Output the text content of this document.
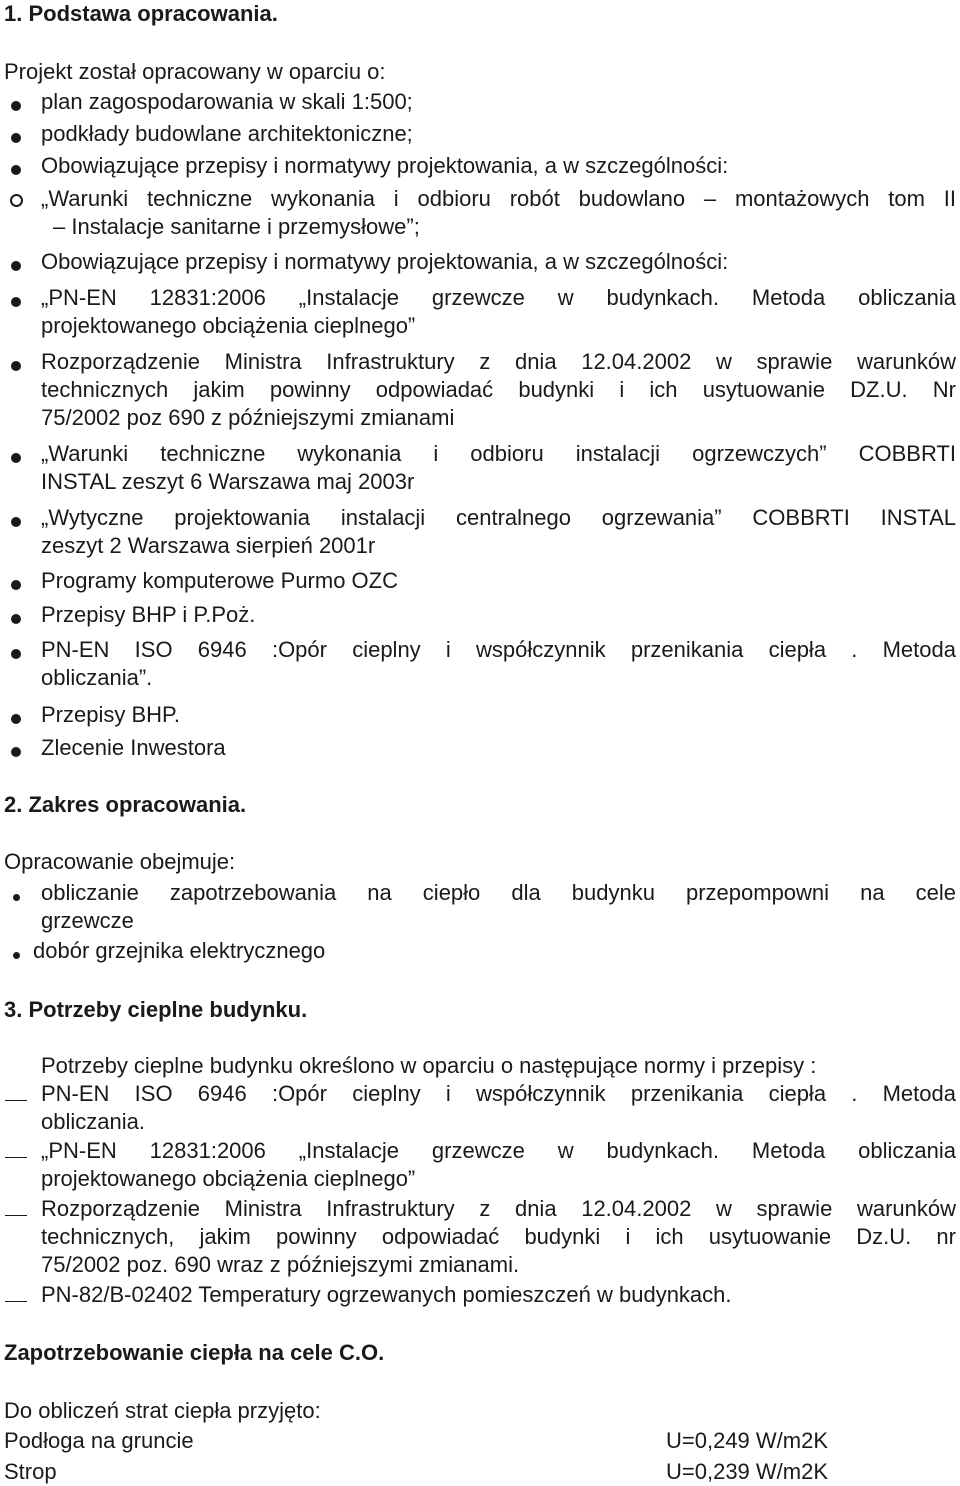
1. Podstawa opracowania.
Projekt został opracowany w oparciu o:
plan zagospodarowania w skali 1:500;
podkłady budowlane architektoniczne;
Obowiązujące przepisy i normatywy projektowania, a w szczególności:
„Warunki techniczne wykonania i odbioru robót budowlano – montażowych tom II
– Instalacje sanitarne i przemysłowe”;
Obowiązujące przepisy i normatywy projektowania, a w szczególności:
„PN-EN 12831:2006 „Instalacje grzewcze w budynkach. Metoda obliczania
projektowanego obciążenia cieplnego”
Rozporządzenie Ministra Infrastruktury z dnia 12.04.2002 w sprawie warunków
technicznych jakim powinny odpowiadać budynki i ich usytuowanie DZ.U. Nr
75/2002 poz 690 z późniejszymi zmianami
„Warunki techniczne wykonania i odbioru instalacji ogrzewczych” COBBRTI
INSTAL zeszyt 6 Warszawa maj 2003r
„Wytyczne projektowania instalacji centralnego ogrzewania” COBBRTI INSTAL
zeszyt 2 Warszawa sierpień 2001r
Programy komputerowe Purmo OZC
Przepisy BHP i P.Poż.
PN-EN ISO 6946 :Opór cieplny i współczynnik przenikania ciepła . Metoda
obliczania”.
Przepisy BHP.
Zlecenie Inwestora
2. Zakres opracowania.
Opracowanie obejmuje:
obliczanie zapotrzebowania na ciepło dla budynku przepompowni na cele
grzewcze
dobór grzejnika elektrycznego
3. Potrzeby cieplne budynku.
Potrzeby cieplne budynku określono w oparciu o następujące normy i przepisy :
PN-EN ISO 6946 :Opór cieplny i współczynnik przenikania ciepła . Metoda
obliczania.
„PN-EN 12831:2006 „Instalacje grzewcze w budynkach. Metoda obliczania
projektowanego obciążenia cieplnego”
Rozporządzenie Ministra Infrastruktury z dnia 12.04.2002 w sprawie warunków
technicznych, jakim powinny odpowiadać budynki i ich usytuowanie Dz.U. nr
75/2002 poz. 690 wraz z późniejszymi zmianami.
PN-82/B-02402 Temperatury ogrzewanych pomieszczeń w budynkach.
Zapotrzebowanie ciepła na cele C.O.
Do obliczeń strat ciepła przyjęto:
Podłoga na gruncie	U=0,249 W/m2K
Strop	U=0,239 W/m2K
